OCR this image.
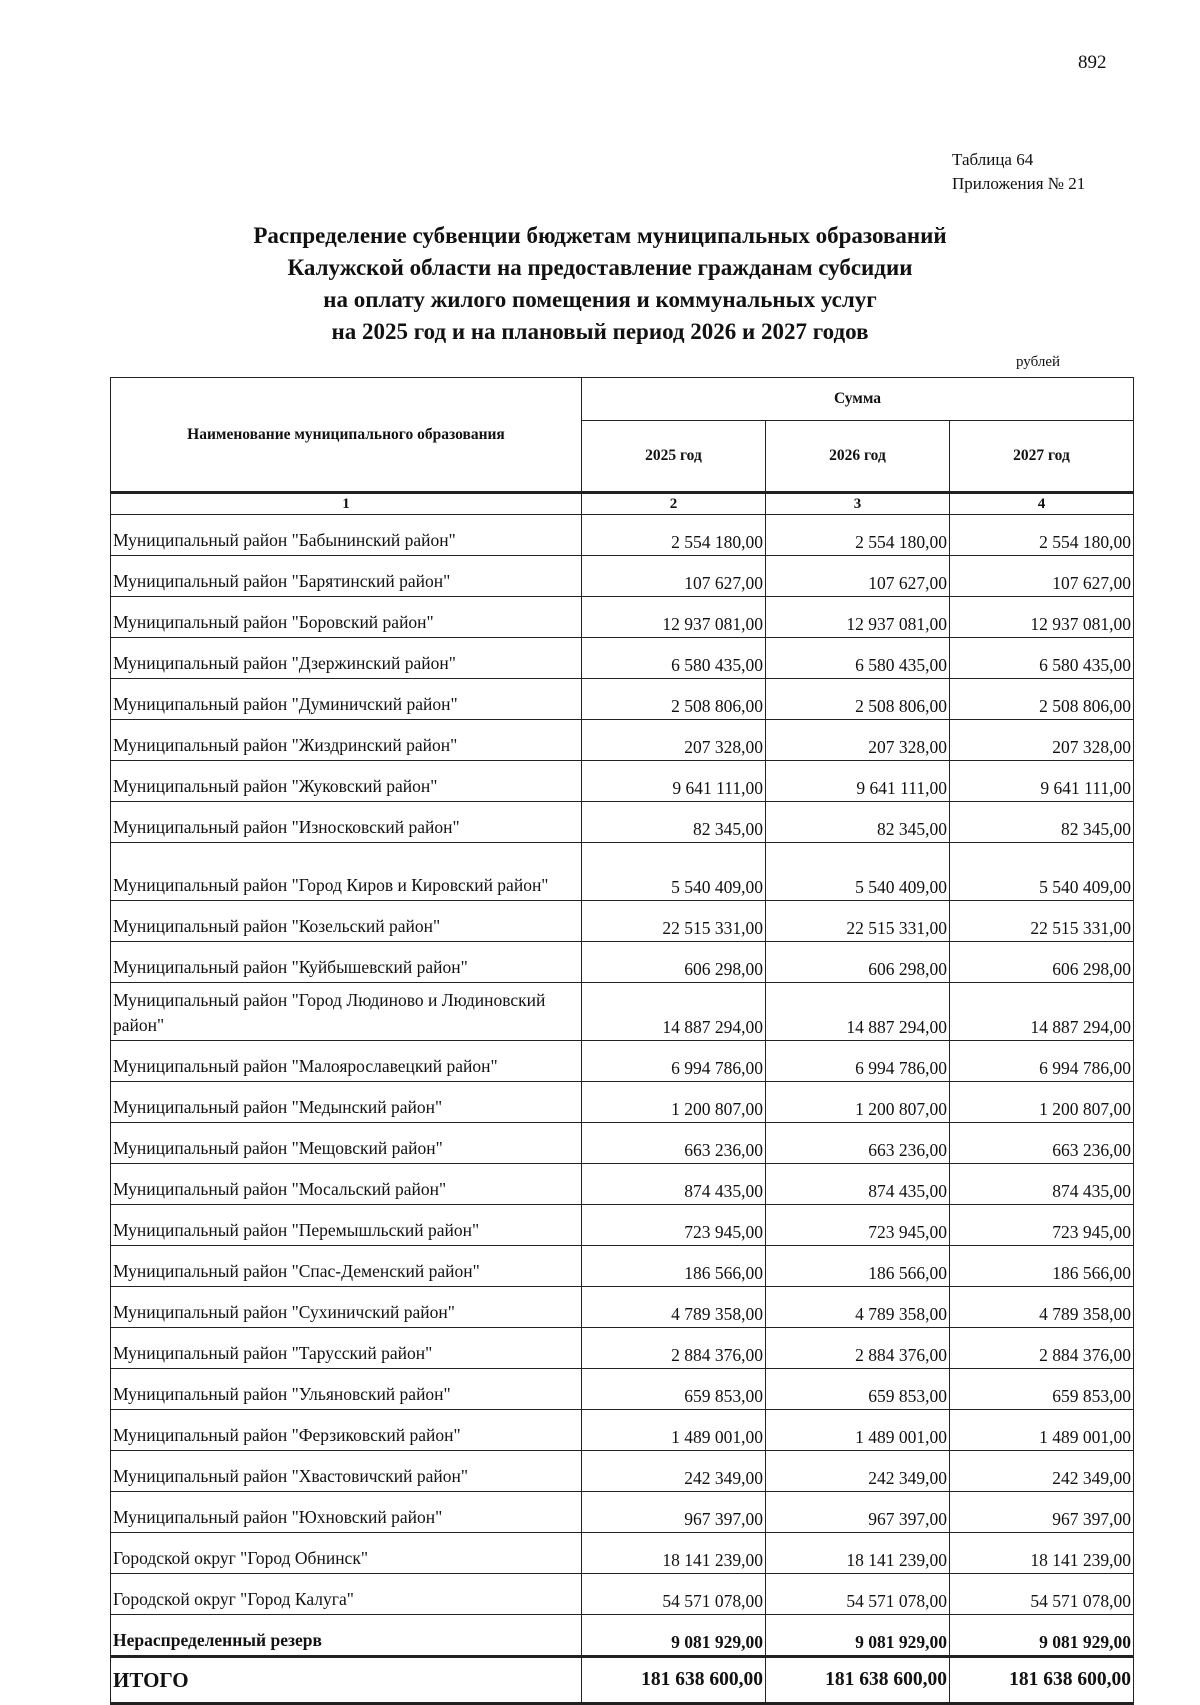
892
Таблица 64
Приложения № 21
Распределение субвенции бюджетам муниципальных образований
Калужской области на предоставление гражданам субсидии
на оплату жилого помещения и коммунальных услуг
на 2025 год и на плановый период 2026 и 2027 годов
рублей
Наименование муниципального образования	Сумма		
	2025 год	2026 год	2027 год
1	2	3	4
Муниципальный район "Бабынинский район"	2 554 180,00	2 554 180,00	2 554 180,00
Муниципальный район "Барятинский район"	107 627,00	107 627,00	107 627,00
Муниципальный район "Боровский район"	12 937 081,00	12 937 081,00	12 937 081,00
Муниципальный район "Дзержинский район"	6 580 435,00	6 580 435,00	6 580 435,00
Муниципальный район "Думиничский район"	2 508 806,00	2 508 806,00	2 508 806,00
Муниципальный район "Жиздринский район"	207 328,00	207 328,00	207 328,00
Муниципальный район "Жуковский район"	9 641 111,00	9 641 111,00	9 641 111,00
Муниципальный район "Износковский район"	82 345,00	82 345,00	82 345,00
Муниципальный район "Город Киров и Кировский район"	5 540 409,00	5 540 409,00	5 540 409,00
Муниципальный район "Козельский район"	22 515 331,00	22 515 331,00	22 515 331,00
Муниципальный район "Куйбышевский район"	606 298,00	606 298,00	606 298,00
Муниципальный район "Город Людиново и Людиновский район"	14 887 294,00	14 887 294,00	14 887 294,00
Муниципальный район "Малоярославецкий район"	6 994 786,00	6 994 786,00	6 994 786,00
Муниципальный район "Медынский район"	1 200 807,00	1 200 807,00	1 200 807,00
Муниципальный район "Мещовский район"	663 236,00	663 236,00	663 236,00
Муниципальный район "Мосальский район"	874 435,00	874 435,00	874 435,00
Муниципальный район "Перемышльский район"	723 945,00	723 945,00	723 945,00
Муниципальный район "Спас-Деменский район"	186 566,00	186 566,00	186 566,00
Муниципальный район "Сухиничский район"	4 789 358,00	4 789 358,00	4 789 358,00
Муниципальный район "Тарусский район"	2 884 376,00	2 884 376,00	2 884 376,00
Муниципальный район "Ульяновский район"	659 853,00	659 853,00	659 853,00
Муниципальный район "Ферзиковский район"	1 489 001,00	1 489 001,00	1 489 001,00
Муниципальный район "Хвастовичский район"	242 349,00	242 349,00	242 349,00
Муниципальный район "Юхновский район"	967 397,00	967 397,00	967 397,00
Городской округ "Город Обнинск"	18 141 239,00	18 141 239,00	18 141 239,00
Городской округ "Город Калуга"	54 571 078,00	54 571 078,00	54 571 078,00
Нераспределенный резерв	9 081 929,00	9 081 929,00	9 081 929,00
ИТОГО	181 638 600,00	181 638 600,00	181 638 600,00
